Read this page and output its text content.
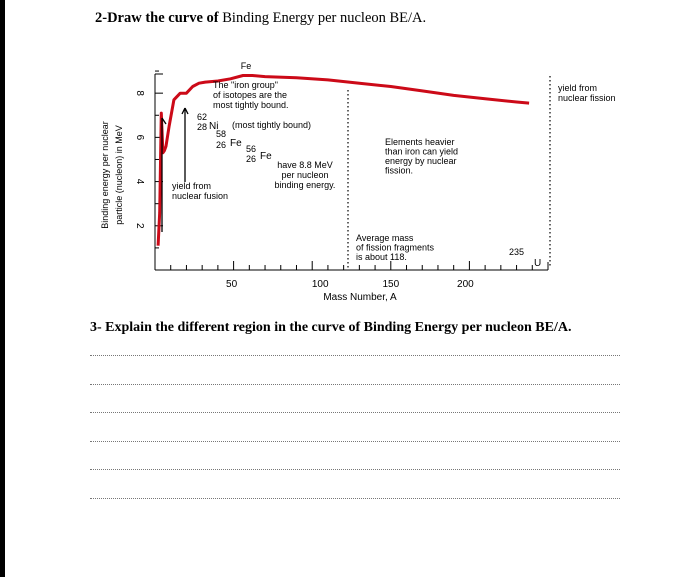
2-Draw the curve of Binding Energy per nucleon BE/A.
50	100	150	200
2
4
6
8
Mass Number, A
Binding energy per nuclear particle (nucleon) in MeV
Fe
The "iron group"
of isotopes are the
most tightly bound.
62
28 Ni (most tightly bound)
58
26 Fe 56
26 Fe
have 8.8 MeV
per nucleon
binding energy.
yield from
nuclear fusion
yield from
nuclear fission
Elements heavier
than iron can yield
energy by nuclear
fission.
Average mass
of fission fragments
is about 118.	235
U
3- Explain the different region in the curve of Binding Energy per nucleon BE/A.
